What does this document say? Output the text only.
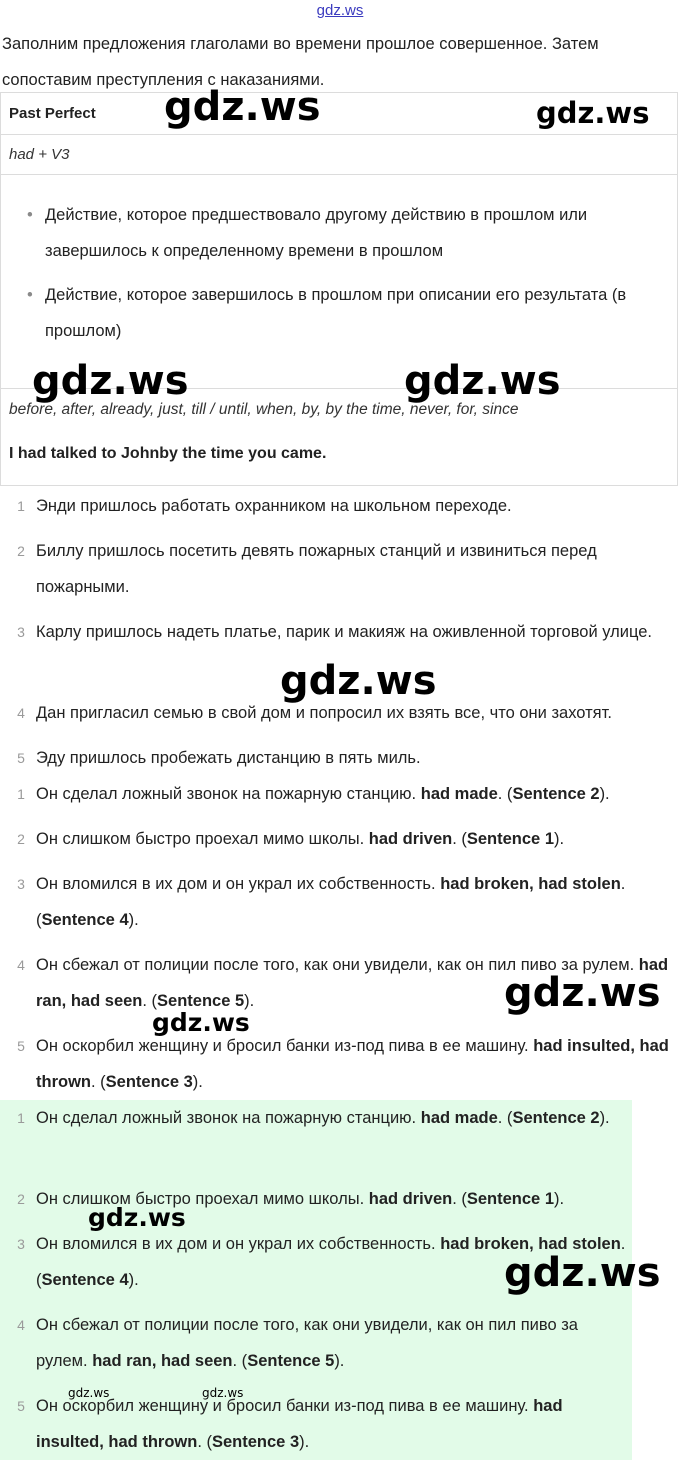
gdz.ws
Заполним предложения глаголами во времени прошлое совершенное. Затем сопоставим преступления с наказаниями.
Past Perfect
had + V3
• Действие, которое предшествовало другому действию в прошлом или завершилось к определенному времени в прошлом
• Действие, которое завершилось в прошлом при описании его результата (в прошлом)
before, after, already, just, till / until, when, by, by the time, never, for, since
I had talked to Johnby the time you came.
1 Энди пришлось работать охранником на школьном переходе.
2 Биллу пришлось посетить девять пожарных станций и извиниться перед пожарными.
3 Карлу пришлось надеть платье, парик и макияж на оживленной торговой улице.
4 Дан пригласил семью в свой дом и попросил их взять все, что они захотят.
5 Эду пришлось пробежать дистанцию в пять миль.
1 Он сделал ложный звонок на пожарную станцию. had made. (Sentence 2).
2 Он слишком быстро проехал мимо школы. had driven. (Sentence 1).
3 Он вломился в их дом и он украл их собственность. had broken, had stolen. (Sentence 4).
4 Он сбежал от полиции после того, как они увидели, как он пил пиво за рулем. had ran, had seen. (Sentence 5).
5 Он оскорбил женщину и бросил банки из-под пива в ее машину. had insulted, had thrown. (Sentence 3).
1 Он сделал ложный звонок на пожарную станцию. had made. (Sentence 2).
2 Он слишком быстро проехал мимо школы. had driven. (Sentence 1).
3 Он вломился в их дом и он украл их собственность. had broken, had stolen. (Sentence 4).
4 Он сбежал от полиции после того, как они увидели, как он пил пиво за рулем. had ran, had seen. (Sentence 5).
5 Он оскорбил женщину и бросил банки из-под пива в ее машину. had insulted, had thrown. (Sentence 3).
gdz.ws	gdz.ws
gdz.ws	gdz.ws
gdz.ws
gdz.ws
gdz.ws
gdz.ws
gdz.ws
gdz.ws	gdz.ws
